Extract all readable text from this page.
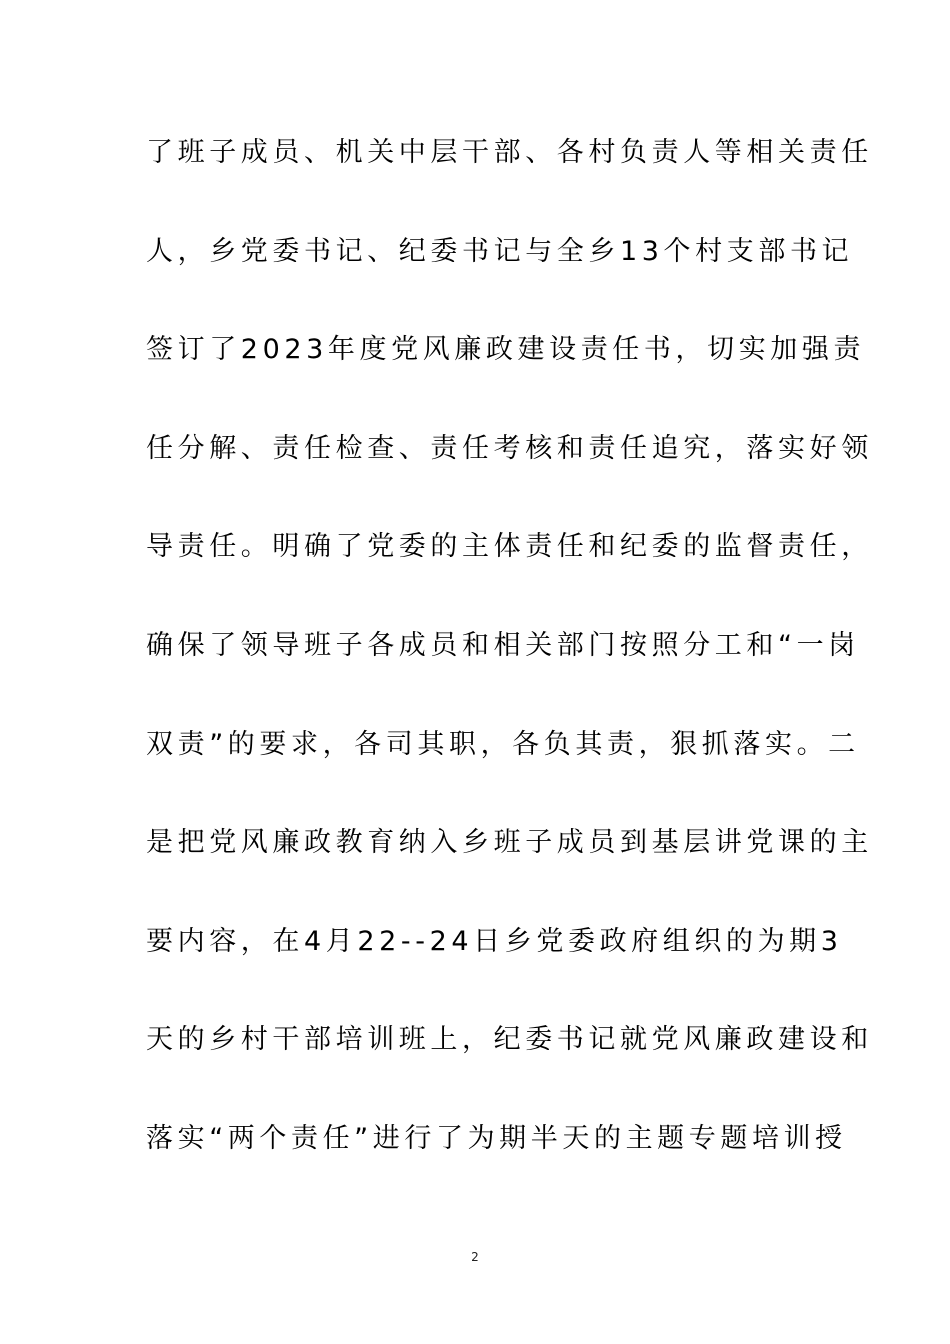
了班子成员、机关中层干部、各村负责人等相关责任
人，乡党委书记、纪委书记与全乡13个村支部书记
签订了2023年度党风廉政建设责任书，切实加强责
任分解、责任检查、责任考核和责任追究，落实好领
导责任。明确了党委的主体责任和纪委的监督责任，
确保了领导班子各成员和相关部门按照分工和“一岗
双责”的要求，各司其职，各负其责，狠抓落实。二
是把党风廉政教育纳入乡班子成员到基层讲党课的主
要内容，在4月22--24日乡党委政府组织的为期3
天的乡村干部培训班上，纪委书记就党风廉政建设和
落实“两个责任”进行了为期半天的主题专题培训授
2
